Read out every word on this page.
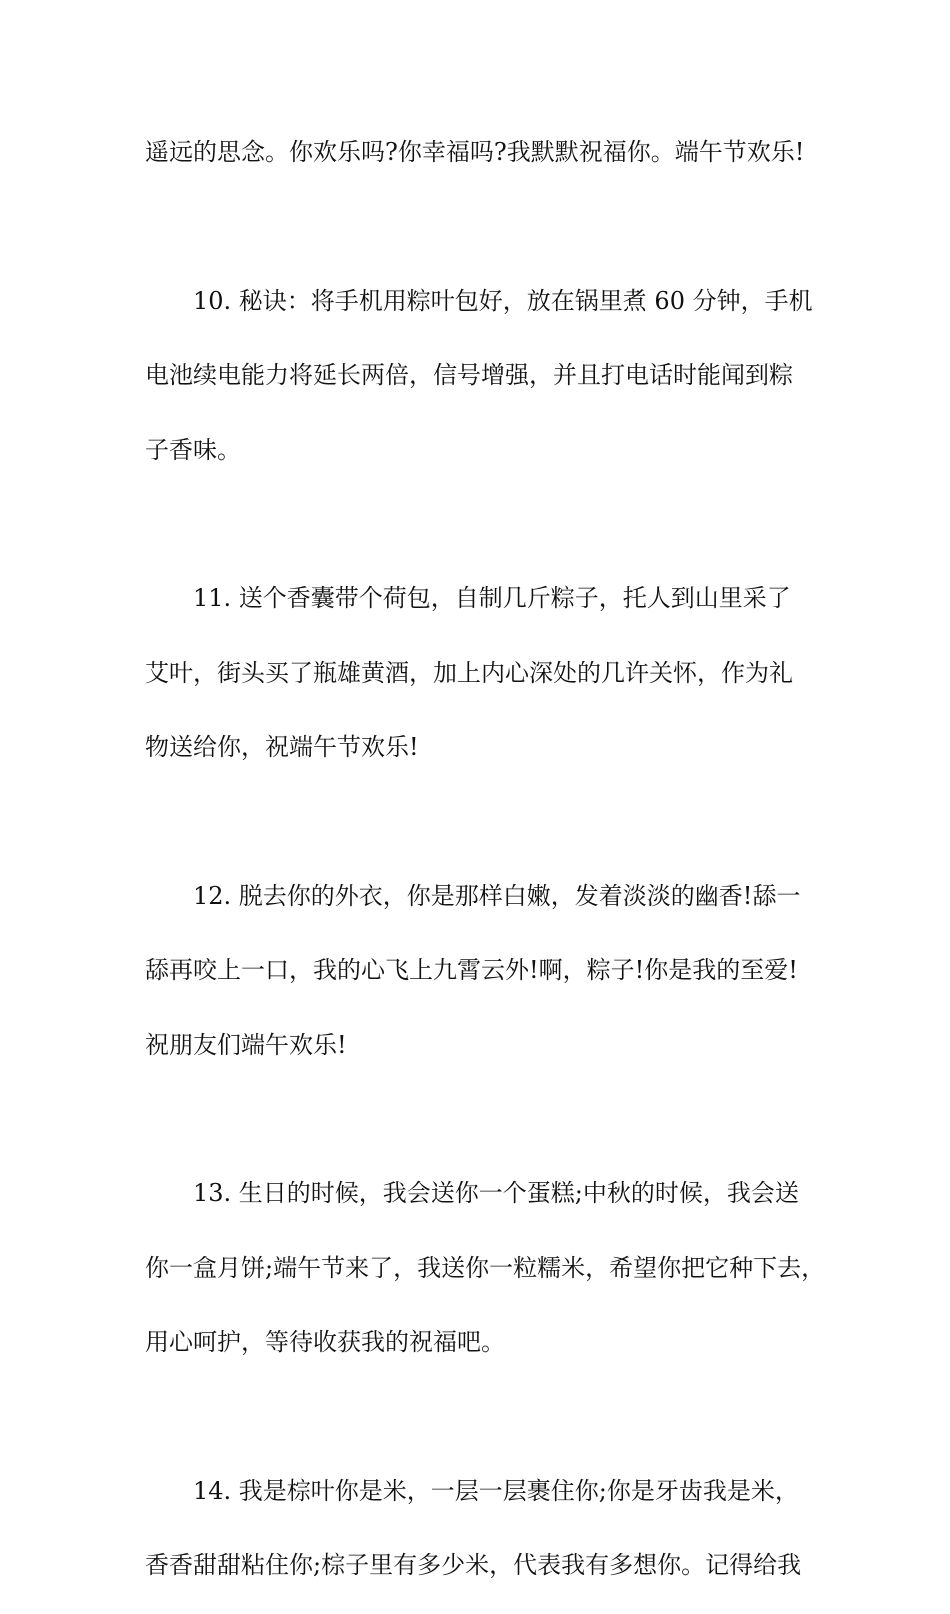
遥远的思念。你欢乐吗?你幸福吗?我默默祝福你。端午节欢乐!
10. 秘诀：将手机用粽叶包好，放在锅里煮 60 分钟，手机
电池续电能力将延长两倍，信号增强，并且打电话时能闻到粽
子香味。
11. 送个香囊带个荷包，自制几斤粽子，托人到山里采了
艾叶，街头买了瓶雄黄酒，加上内心深处的几许关怀，作为礼
物送给你，祝端午节欢乐!
12. 脱去你的外衣，你是那样白嫩，发着淡淡的幽香!舔一
舔再咬上一口，我的心飞上九霄云外!啊，粽子!你是我的至爱!
祝朋友们端午欢乐!
13. 生日的时候，我会送你一个蛋糕;中秋的时候，我会送
你一盒月饼;端午节来了，我送你一粒糯米，希望你把它种下去，
用心呵护，等待收获我的祝福吧。
14. 我是棕叶你是米，一层一层裹住你;你是牙齿我是米，
香香甜甜粘住你;棕子里有多少米，代表我有多想你。记得给我
